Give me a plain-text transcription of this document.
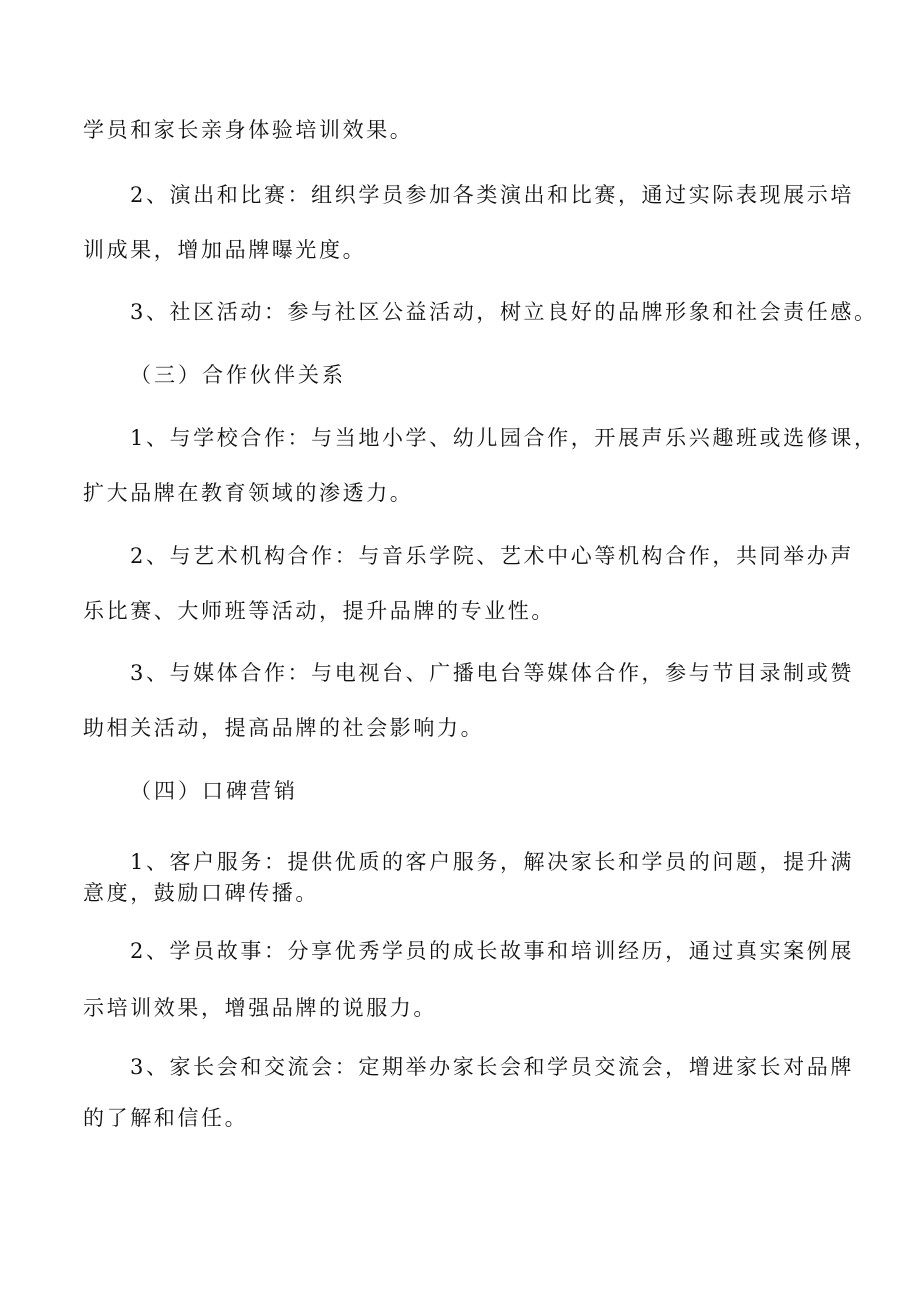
学员和家长亲身体验培训效果。
2、演出和比赛：组织学员参加各类演出和比赛，通过实际表现展示培
训成果，增加品牌曝光度。
3、社区活动：参与社区公益活动，树立良好的品牌形象和社会责任感。
（三）合作伙伴关系
1、与学校合作：与当地小学、幼儿园合作，开展声乐兴趣班或选修课，
扩大品牌在教育领域的渗透力。
2、与艺术机构合作：与音乐学院、艺术中心等机构合作，共同举办声
乐比赛、大师班等活动，提升品牌的专业性。
3、与媒体合作：与电视台、广播电台等媒体合作，参与节目录制或赞
助相关活动，提高品牌的社会影响力。
（四）口碑营销
1、客户服务：提供优质的客户服务，解决家长和学员的问题，提升满
意度，鼓励口碑传播。
2、学员故事：分享优秀学员的成长故事和培训经历，通过真实案例展
示培训效果，增强品牌的说服力。
3、家长会和交流会：定期举办家长会和学员交流会，增进家长对品牌
的了解和信任。
